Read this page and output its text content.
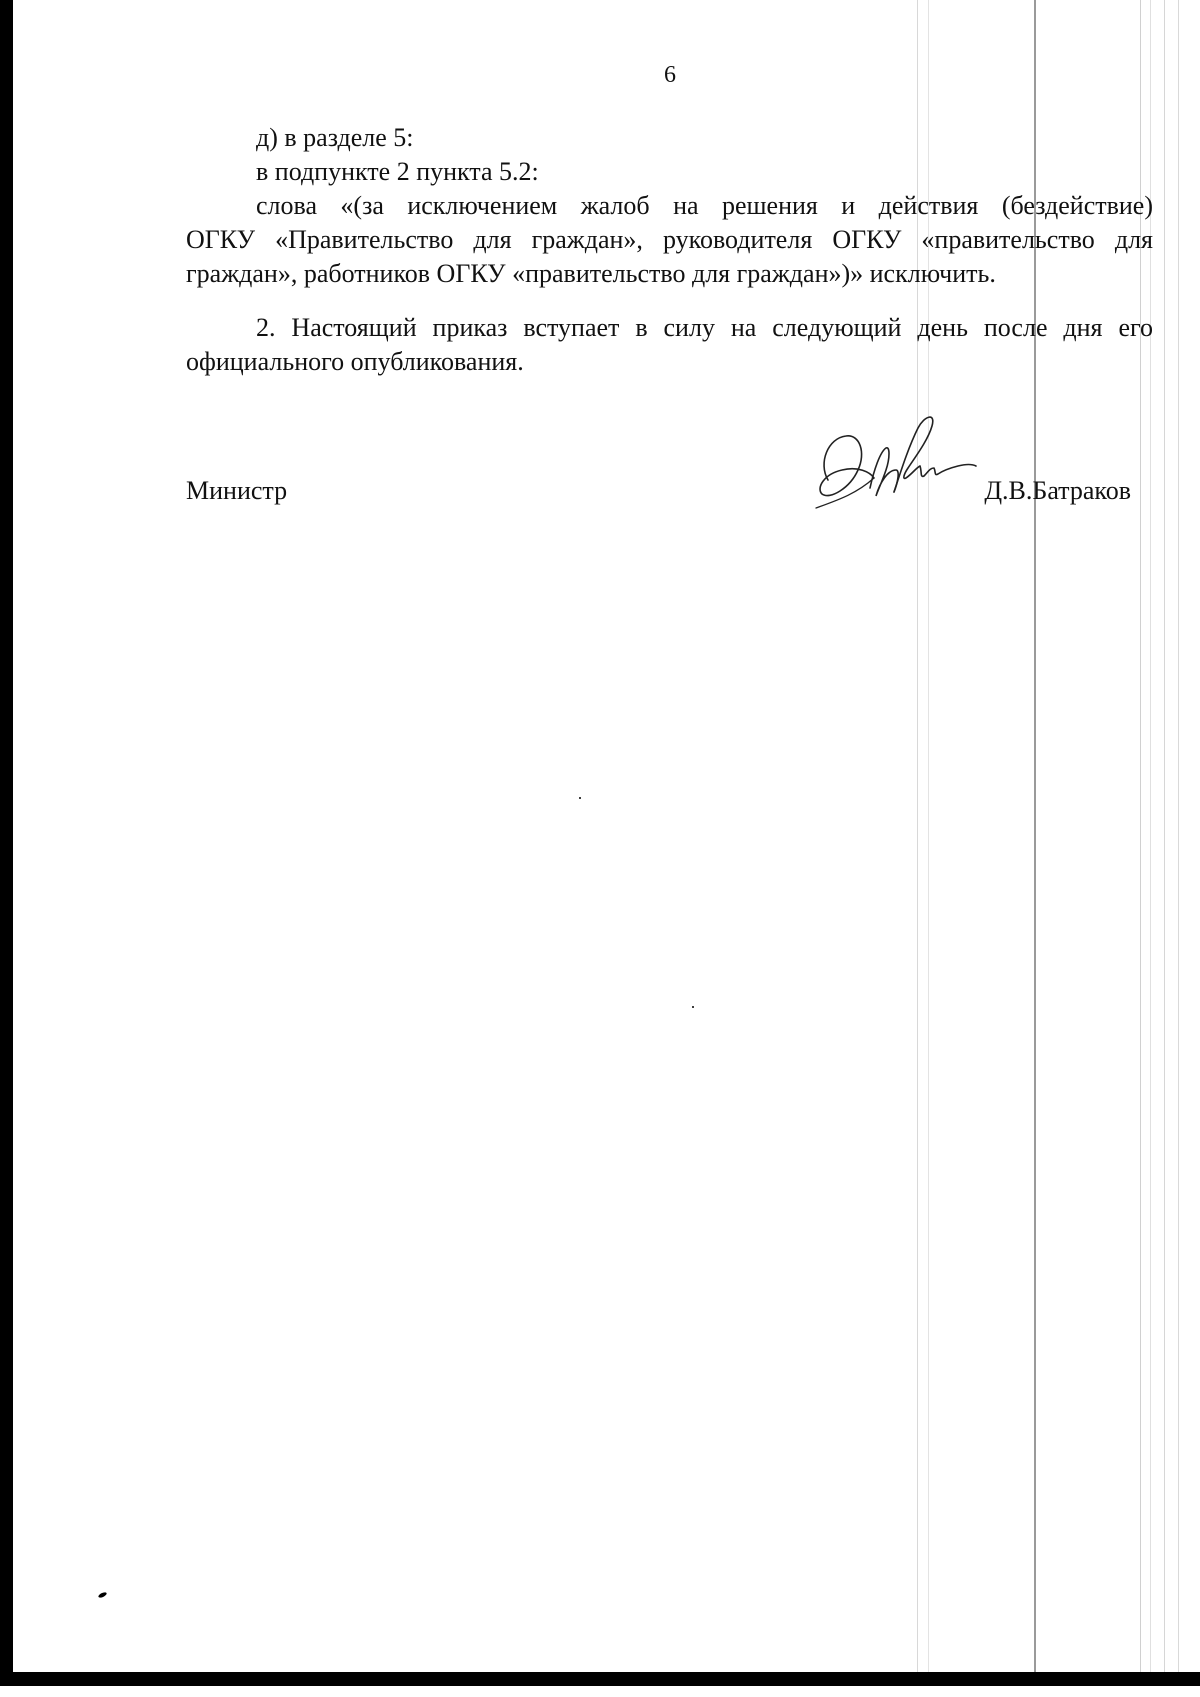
6

д) в разделе 5:

в подпункте 2 пункта 5.2:

слова «(за исключением жалоб на решения и действия (бездействие)
ОГКУ «Правительство для граждан», руководителя ОГКУ «правительство для
граждан», работников ОГКУ «правительство для граждан»)» исключить.

2. Настоящий приказ вступает в силу на следующий день после дня его
официального опубликования.

Министр	Д.В.Батраков
